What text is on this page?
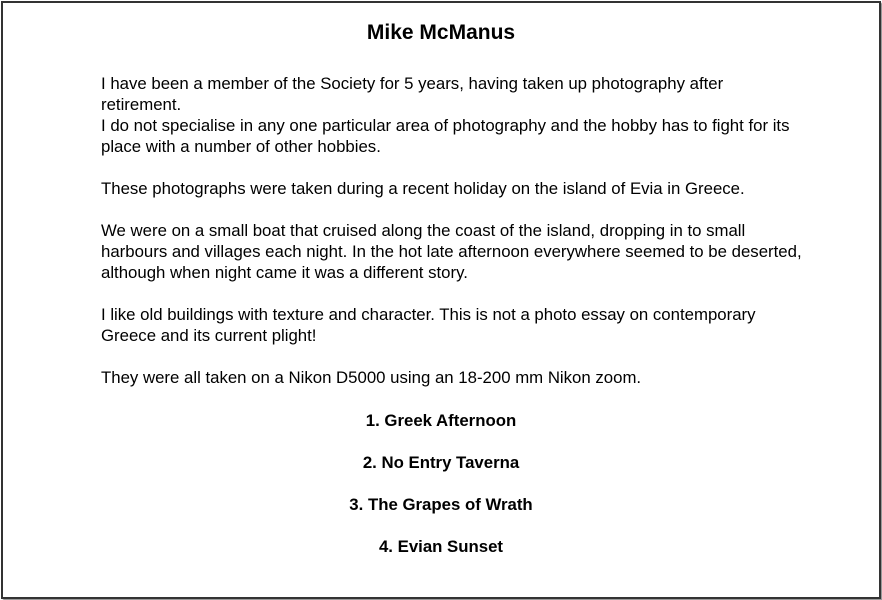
Mike McManus

I have been a member of the Society for 5 years, having taken up photography after
retirement.
I do not specialise in any one particular area of photography and the hobby has to fight for its
place with a number of other hobbies.

These photographs were taken during a recent holiday on the island of Evia in Greece.

We were on a small boat that cruised along the coast of the island, dropping in to small
harbours and villages each night. In the hot late afternoon everywhere seemed to be deserted,
although when night came it was a different story.

I like old buildings with texture and character. This is not a photo essay on contemporary
Greece and its current plight!

They were all taken on a Nikon D5000 using an 18-200 mm Nikon zoom.

1. Greek Afternoon
2. No Entry Taverna
3. The Grapes of Wrath
4. Evian Sunset
